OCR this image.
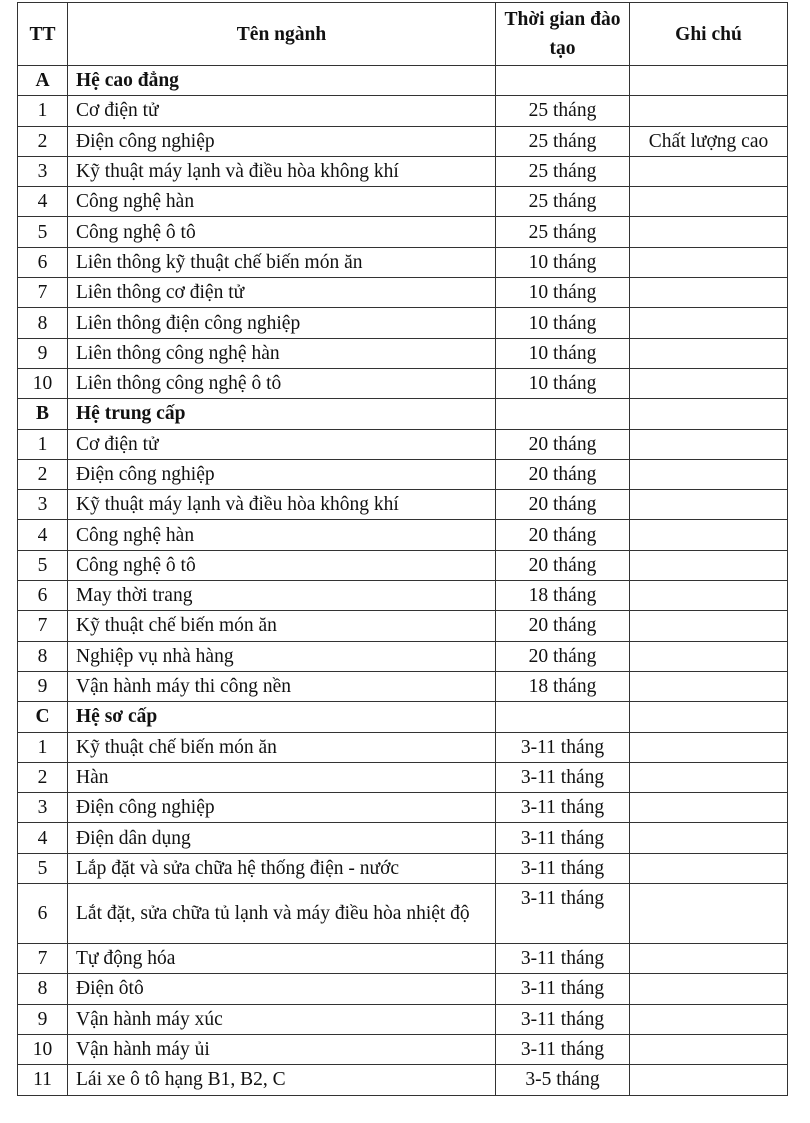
TT	Tên ngành	Thời gian đào tạo	Ghi chú
A	Hệ cao đẳng		
1	Cơ điện tử	25 tháng	
2	Điện công nghiệp	25 tháng	Chất lượng cao
3	Kỹ thuật máy lạnh và điều hòa không khí	25 tháng	
4	Công nghệ hàn	25 tháng	
5	Công nghệ ô tô	25 tháng	
6	Liên thông kỹ thuật chế biến món ăn	10 tháng	
7	Liên thông cơ điện tử	10 tháng	
8	Liên thông điện công nghiệp	10 tháng	
9	Liên thông công nghệ hàn	10 tháng	
10	Liên thông công nghệ ô tô	10 tháng	
B	Hệ trung cấp		
1	Cơ điện tử	20 tháng	
2	Điện công nghiệp	20 tháng	
3	Kỹ thuật máy lạnh và điều hòa không khí	20 tháng	
4	Công nghệ hàn	20 tháng	
5	Công nghệ ô tô	20 tháng	
6	May thời trang	18 tháng	
7	Kỹ thuật chế biến món ăn	20 tháng	
8	Nghiệp vụ nhà hàng	20 tháng	
9	Vận hành máy thi công nền	18 tháng	
C	Hệ sơ cấp		
1	Kỹ thuật chế biến món ăn	3-11 tháng	
2	Hàn	3-11 tháng	
3	Điện công nghiệp	3-11 tháng	
4	Điện dân dụng	3-11 tháng	
5	Lắp đặt và sửa chữa hệ thống điện - nước	3-11 tháng	
6	Lắt đặt, sửa chữa tủ lạnh và máy điều hòa nhiệt độ	3-11 tháng	
7	Tự động hóa	3-11 tháng	
8	Điện ôtô	3-11 tháng	
9	Vận hành máy xúc	3-11 tháng	
10	Vận hành máy ủi	3-11 tháng	
11	Lái xe ô tô hạng B1, B2, C	3-5 tháng	
